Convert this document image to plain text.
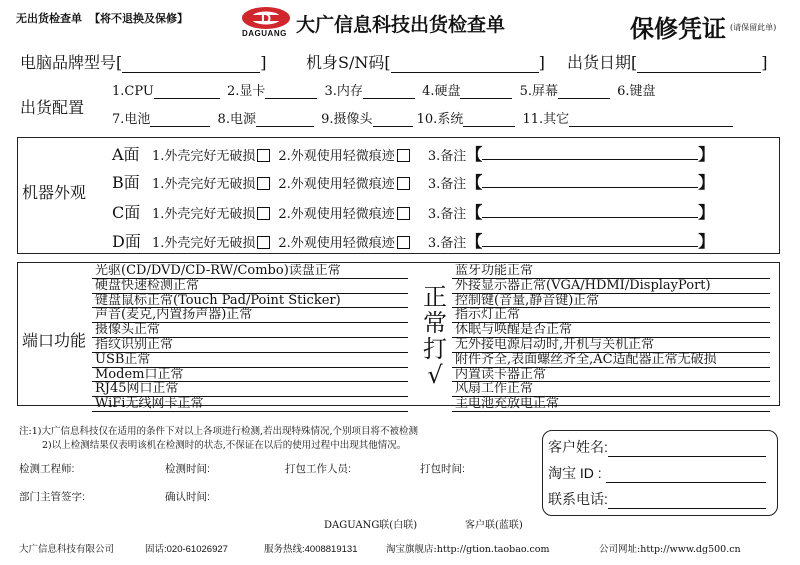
无出货检查单 【将不退换及保修】	D
DAGUANG 大广信息科技出货检查单	保修凭证 (请保留此单)
电脑品牌型号[	] 机身S/N码[	] 出货日期[	]
出货配置
1.CPU	2.显卡	3.内存	4.硬盘	5.屏幕	6.键盘
7.电池	8.电源	9.摄像头	10.系统	11.其它
机器外观
A面 1.外壳完好无破损 2.外观使用轻微痕迹	3.备注【	】
B面 1.外壳完好无破损 2.外观使用轻微痕迹	3.备注【	】
C面 1.外壳完好无破损 2.外观使用轻微痕迹	3.备注【	】
D面 1.外壳完好无破损 2.外观使用轻微痕迹	3.备注【	】
端口功能
光驱(CD/DVD/CD-RW/Combo)读盘正常
硬盘快速检测正常
键盘鼠标正常(Touch Pad/Point Sticker)
声音(麦克,内置扬声器)正常
摄像头正常
指纹识别正常
USB正常
Modem口正常
RJ45网口正常
WiFi无线网卡正常
正
常
打
√
蓝牙功能正常
外接显示器正常(VGA/HDMI/DisplayPort)
控制键(音量,静音键)正常
指示灯正常
休眠与唤醒是否正常
无外接电源启动时,开机与关机正常
附件齐全,表面螺丝齐全,AC适配器正常无破损
内置读卡器正常
风扇工作正常
主电池充放电正常
注:1)大广信息科技仅在适用的条件下对以上各项进行检测,若出现特殊情况,个别项目将不被检测
2)以上检测结果仅表明该机在检测时的状态,不保证在以后的使用过程中出现其他情况。
检测工程师:	检测时间:	打包工作人员:	打包时间:
部门主管签字:	确认时间:
客户姓名:
淘宝 ID :
联系电话:
DAGUANG联(白联)	客户联(蓝联)
大广信息科技有限公司	固话:020-61026927	服务热线:4008819131	淘宝旗舰店:http://gtion.taobao.com	公司网址:http://www.dg500.cn
